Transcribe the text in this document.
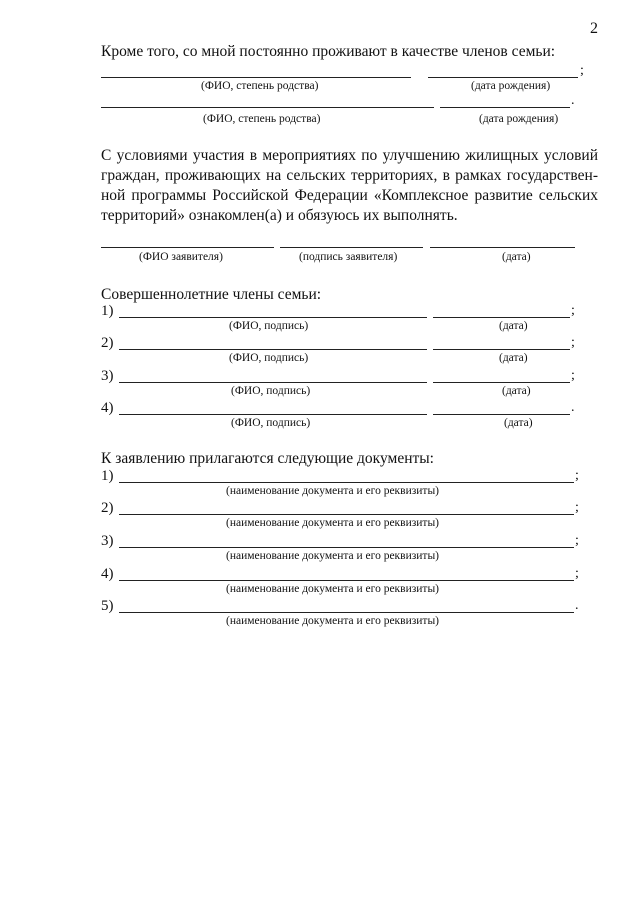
2
Кроме того, со мной постоянно проживают в качестве членов семьи:
;
(ФИО, степень родства)	(дата рождения)
.
(ФИО, степень родства)	(дата рождения)
С условиями участия в мероприятиях по улучшению жилищных условий граждан, проживающих на сельских территориях, в рамках государствен-ной программы Российской Федерации «Комплексное развитие сельских территорий» ознакомлен(а) и обязуюсь их выполнять.
(ФИО заявителя)	(подпись заявителя)	(дата)
Совершеннолетние члены семьи:
1)	;
(ФИО, подпись)	(дата)
2)	;
(ФИО, подпись)	(дата)
3)	;
(ФИО, подпись)	(дата)
4)	.
(ФИО, подпись)	(дата)
К заявлению прилагаются следующие документы:
1)	;
(наименование документа и его реквизиты)
2)	;
(наименование документа и его реквизиты)
3)	;
(наименование документа и его реквизиты)
4)	;
(наименование документа и его реквизиты)
5)	.
(наименование документа и его реквизиты)
